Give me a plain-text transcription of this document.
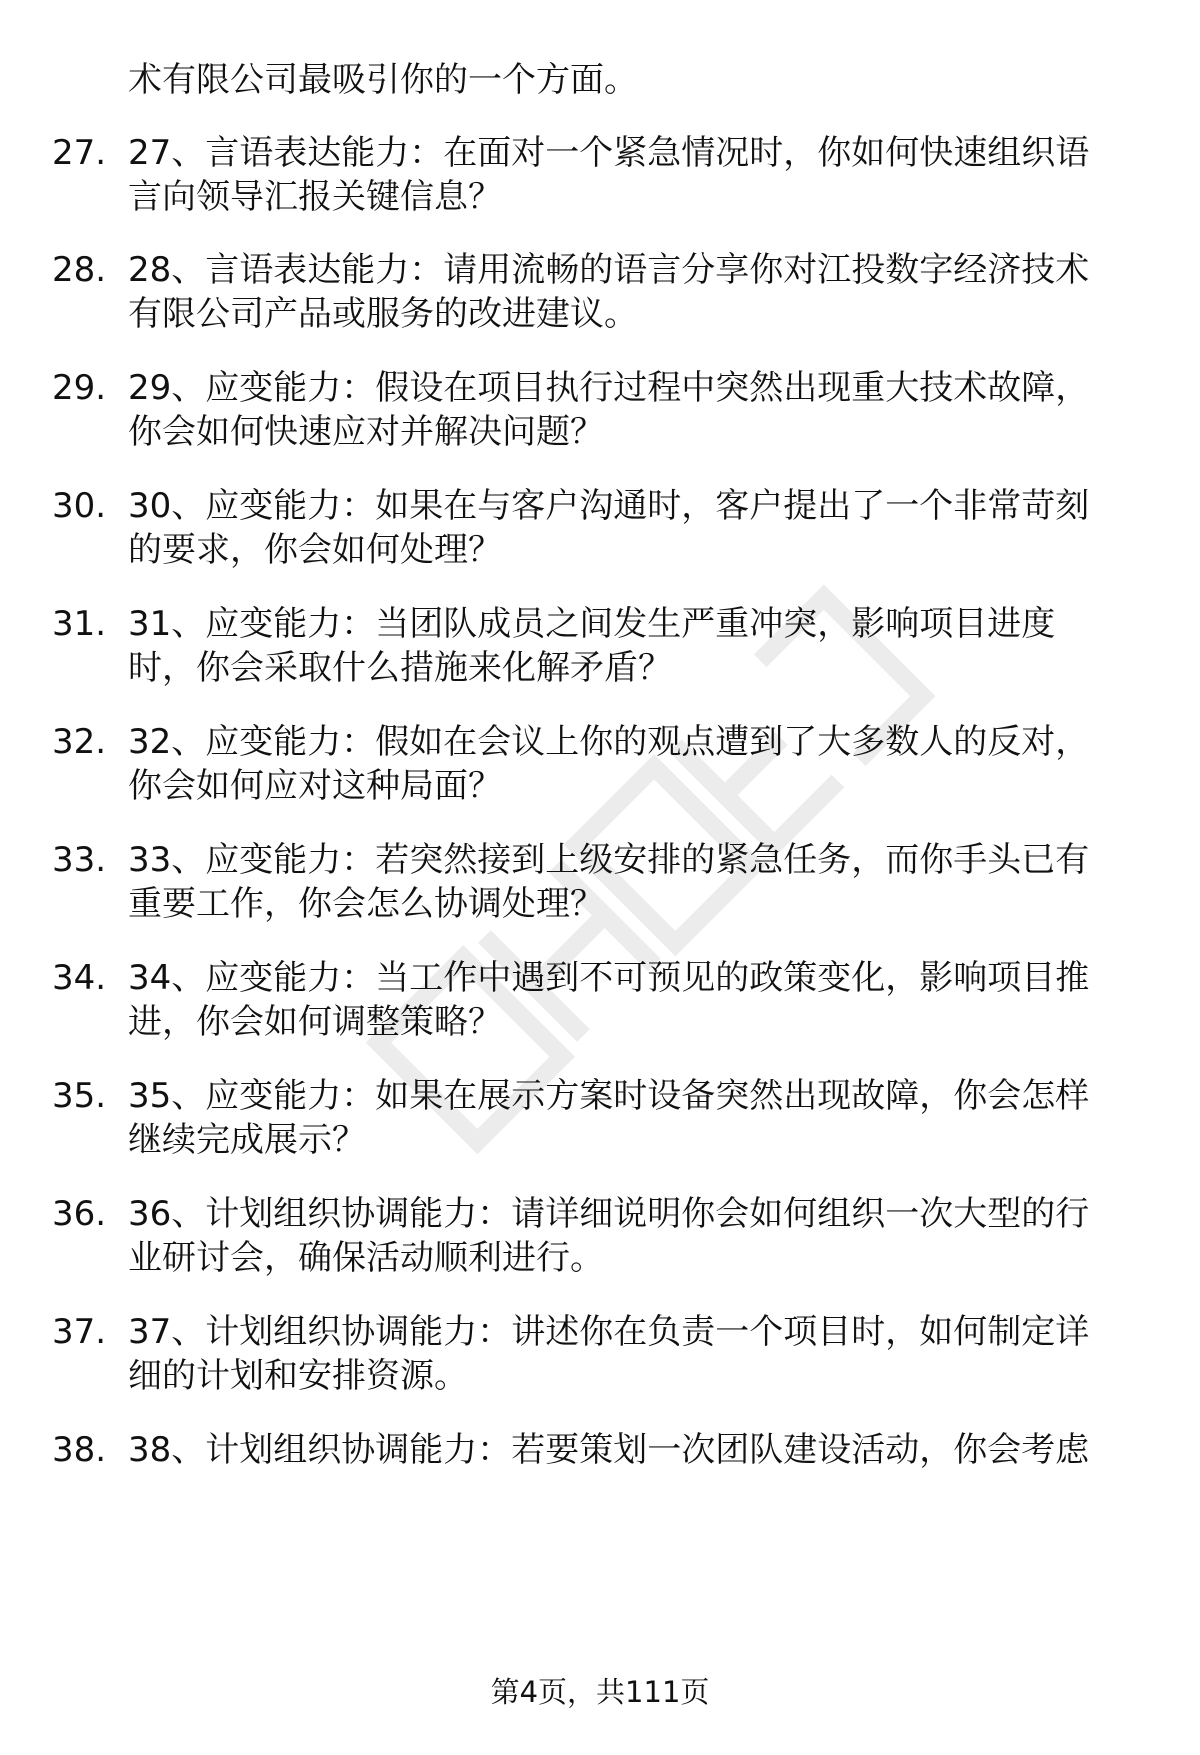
术有限公司最吸引你的一个方面。
27. 27、言语表达能力：在面对一个紧急情况时，你如何快速组织语
言向领导汇报关键信息？
28. 28、言语表达能力：请用流畅的语言分享你对江投数字经济技术
有限公司产品或服务的改进建议。
29. 29、应变能力：假设在项目执行过程中突然出现重大技术故障，
你会如何快速应对并解决问题？
30. 30、应变能力：如果在与客户沟通时，客户提出了一个非常苛刻
的要求，你会如何处理？
31. 31、应变能力：当团队成员之间发生严重冲突，影响项目进度
时，你会采取什么措施来化解矛盾？
32. 32、应变能力：假如在会议上你的观点遭到了大多数人的反对，
你会如何应对这种局面？
33. 33、应变能力：若突然接到上级安排的紧急任务，而你手头已有
重要工作，你会怎么协调处理？
34. 34、应变能力：当工作中遇到不可预见的政策变化，影响项目推
进，你会如何调整策略？
35. 35、应变能力：如果在展示方案时设备突然出现故障，你会怎样
继续完成展示？
36. 36、计划组织协调能力：请详细说明你会如何组织一次大型的行
业研讨会，确保活动顺利进行。
37. 37、计划组织协调能力：讲述你在负责一个项目时，如何制定详
细的计划和安排资源。
38. 38、计划组织协调能力：若要策划一次团队建设活动，你会考虑
第4页，共111页
